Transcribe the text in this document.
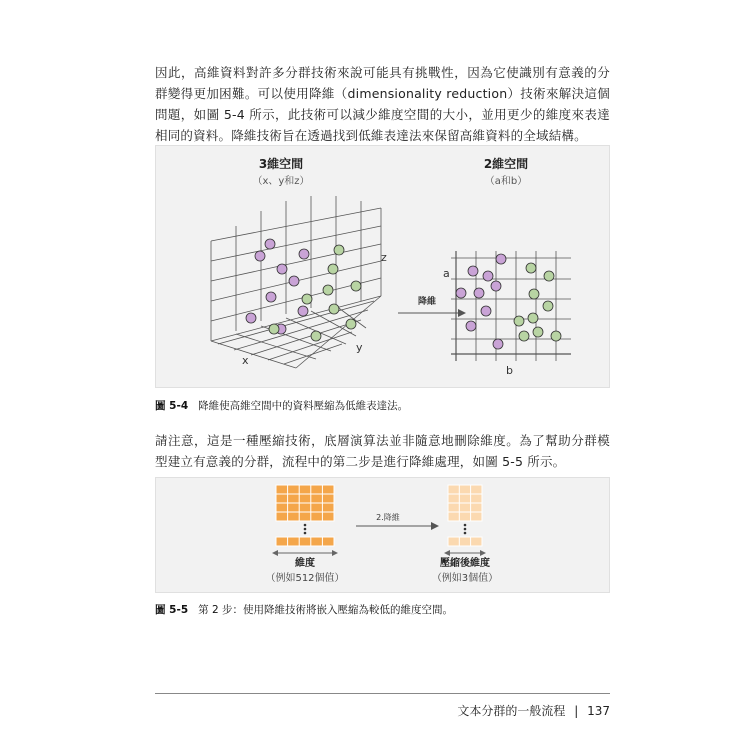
因此，高維資料對許多分群技術來說可能具有挑戰性，因為它使識別有意義的分群變得更加困難。可以使用降維（dimensionality reduction）技術來解決這個問題，如圖 5-4 所示，此技術可以減少維度空間的大小，並用更少的維度來表達相同的資料。降維技術旨在透過找到低維表達法來保留高維資料的全域結構。
3維空間
（x、y和z）
2維空間
（a和b）
x
y
z
降維
a
b
圖 5-4 降維使高維空間中的資料壓縮為低維表達法。
請注意，這是一種壓縮技術，底層演算法並非隨意地刪除維度。為了幫助分群模型建立有意義的分群，流程中的第二步是進行降維處理，如圖 5-5 所示。
維度
（例如512個值）
2.降維
壓縮後維度
（例如3個值）
圖 5-5 第 2 步：使用降維技術將嵌入壓縮為較低的維度空間。
文本分群的一般流程 | 137
